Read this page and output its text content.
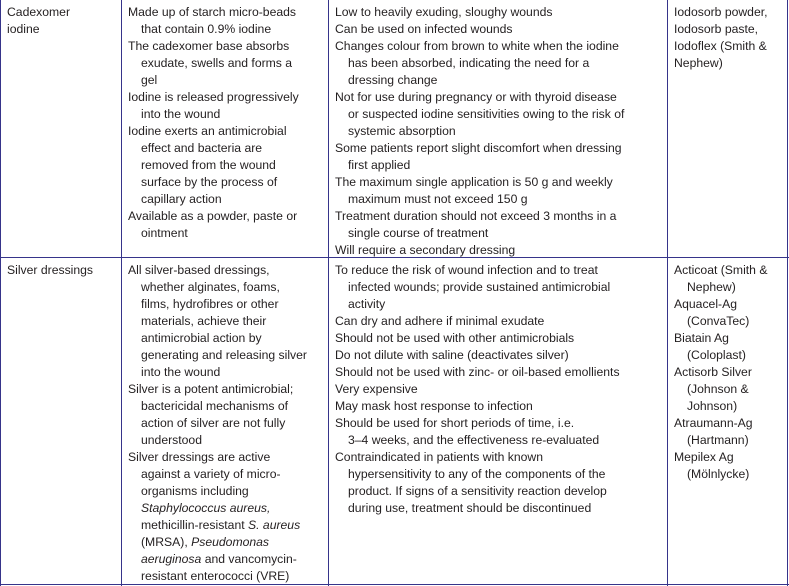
Cadexomer
iodine

Made up of starch micro-beads
that contain 0.9% iodine

The cadexomer base absorbs
exudate, swells and forms a
gel

Iodine is released progressively
into the wound

Iodine exerts an antimicrobial
effect and bacteria are
removed from the wound
surface by the process of
capillary action

Available as a powder, paste or
ointment

Low to heavily exuding, sloughy wounds

Can be used on infected wounds

Changes colour from brown to white when the iodine
has been absorbed, indicating the need for a
dressing change

Not for use during pregnancy or with thyroid disease
or suspected iodine sensitivities owing to the risk of
systemic absorption

Some patients report slight discomfort when dressing
first applied

The maximum single application is 50 g and weekly
maximum must not exceed 150 g

Treatment duration should not exceed 3 months in a
single course of treatment

Will require a secondary dressing

Iodosorb powder,
Iodosorb paste,
Iodoflex (Smith &
Nephew)

Silver dressings	All silver-based dressings,
whether alginates, foams,
films, hydrofibres or other
materials, achieve their
antimicrobial action by
generating and releasing silver
into the wound

Silver is a potent antimicrobial;
bactericidal mechanisms of
action of silver are not fully
understood

Silver dressings are active
against a variety of micro-
organisms including
Staphylococcus aureus,
methicillin-resistant S. aureus
(MRSA), Pseudomonas
aeruginosa and vancomycin-
resistant enterococci (VRE)

To reduce the risk of wound infection and to treat
infected wounds; provide sustained antimicrobial
activity

Can dry and adhere if minimal exudate

Should not be used with other antimicrobials

Do not dilute with saline (deactivates silver)

Should not be used with zinc- or oil-based emollients

Very expensive

May mask host response to infection

Should be used for short periods of time, i.e.
3–4 weeks, and the effectiveness re-evaluated

Contraindicated in patients with known
hypersensitivity to any of the components of the
product. If signs of a sensitivity reaction develop
during use, treatment should be discontinued

Acticoat (Smith &
Nephew)

Aquacel-Ag
(ConvaTec)

Biatain Ag
(Coloplast)

Actisorb Silver
(Johnson &
Johnson)

Atraumann-Ag
(Hartmann)

Mepilex Ag
(Mölnlycke)
